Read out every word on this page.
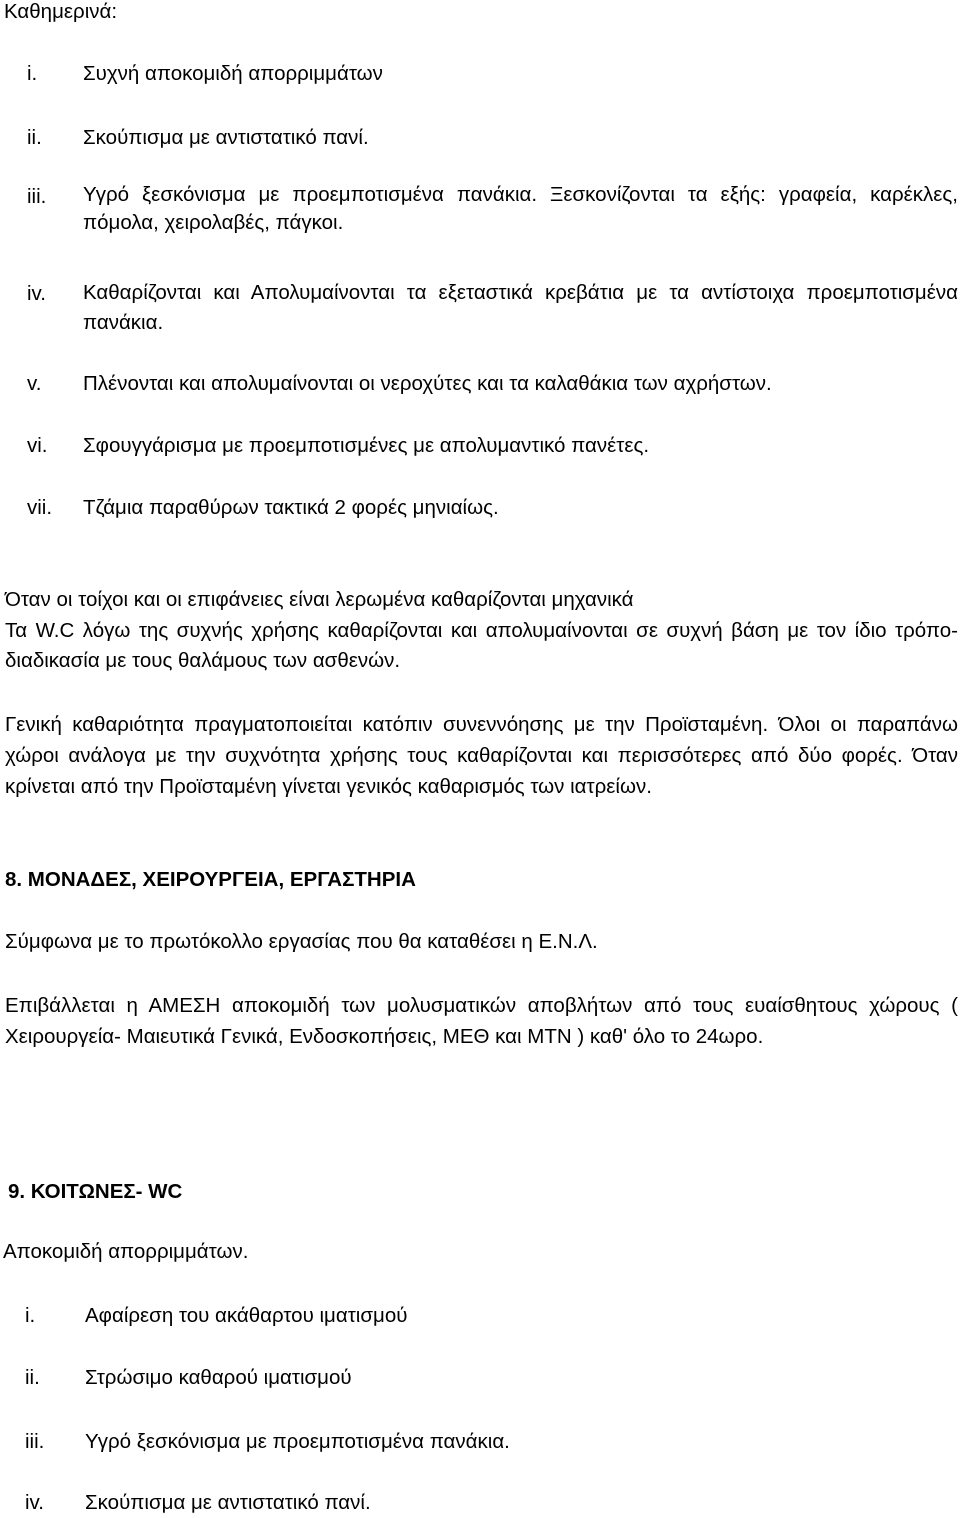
Καθημερινά:
i. Συχνή αποκομιδή απορριμμάτων
ii. Σκούπισμα με αντιστατικό πανί.
iii. Υγρό ξεσκόνισμα με προεμποτισμένα πανάκια. Ξεσκονίζονται τα εξής: γραφεία, καρέκλες, πόμολα, χειρολαβές, πάγκοι.
iv. Καθαρίζονται και Απολυμαίνονται τα εξεταστικά κρεβάτια με τα αντίστοιχα προεμποτισμένα πανάκια.
v. Πλένονται και απολυμαίνονται οι νεροχύτες και τα καλαθάκια των αχρήστων.
vi. Σφουγγάρισμα με προεμποτισμένες με απολυμαντικό πανέτες.
vii. Τζάμια παραθύρων τακτικά 2 φορές μηνιαίως.
Όταν οι τοίχοι και οι επιφάνειες είναι λερωμένα καθαρίζονται μηχανικά
Τα W.C λόγω της συχνής χρήσης καθαρίζονται και απολυμαίνονται σε συχνή βάση με τον ίδιο τρόπο-διαδικασία με τους θαλάμους των ασθενών.
Γενική καθαριότητα πραγματοποιείται κατόπιν συνεννόησης με την Προϊσταμένη. Όλοι οι παραπάνω χώροι ανάλογα με την συχνότητα χρήσης τους καθαρίζονται και περισσότερες από δύο φορές. Όταν κρίνεται από την Προϊσταμένη γίνεται γενικός καθαρισμός των ιατρείων.
8. ΜΟΝΑΔΕΣ, ΧΕΙΡΟΥΡΓΕΙΑ, ΕΡΓΑΣΤΗΡΙΑ
Σύμφωνα με το πρωτόκολλο εργασίας που θα καταθέσει η Ε.Ν.Λ.
Επιβάλλεται η ΑΜΕΣΗ αποκομιδή των μολυσματικών αποβλήτων από τους ευαίσθητους χώρους ( Χειρουργεία- Μαιευτικά Γενικά, Ενδοσκοπήσεις, ΜΕΘ και ΜΤΝ ) καθ' όλο το 24ωρο.
9. ΚΟΙΤΩΝΕΣ- WC
Αποκομιδή απορριμμάτων.
i. Αφαίρεση του ακάθαρτου ιματισμού
ii. Στρώσιμο καθαρού ιματισμού
iii. Υγρό ξεσκόνισμα με προεμποτισμένα πανάκια.
iv. Σκούπισμα με αντιστατικό πανί.
